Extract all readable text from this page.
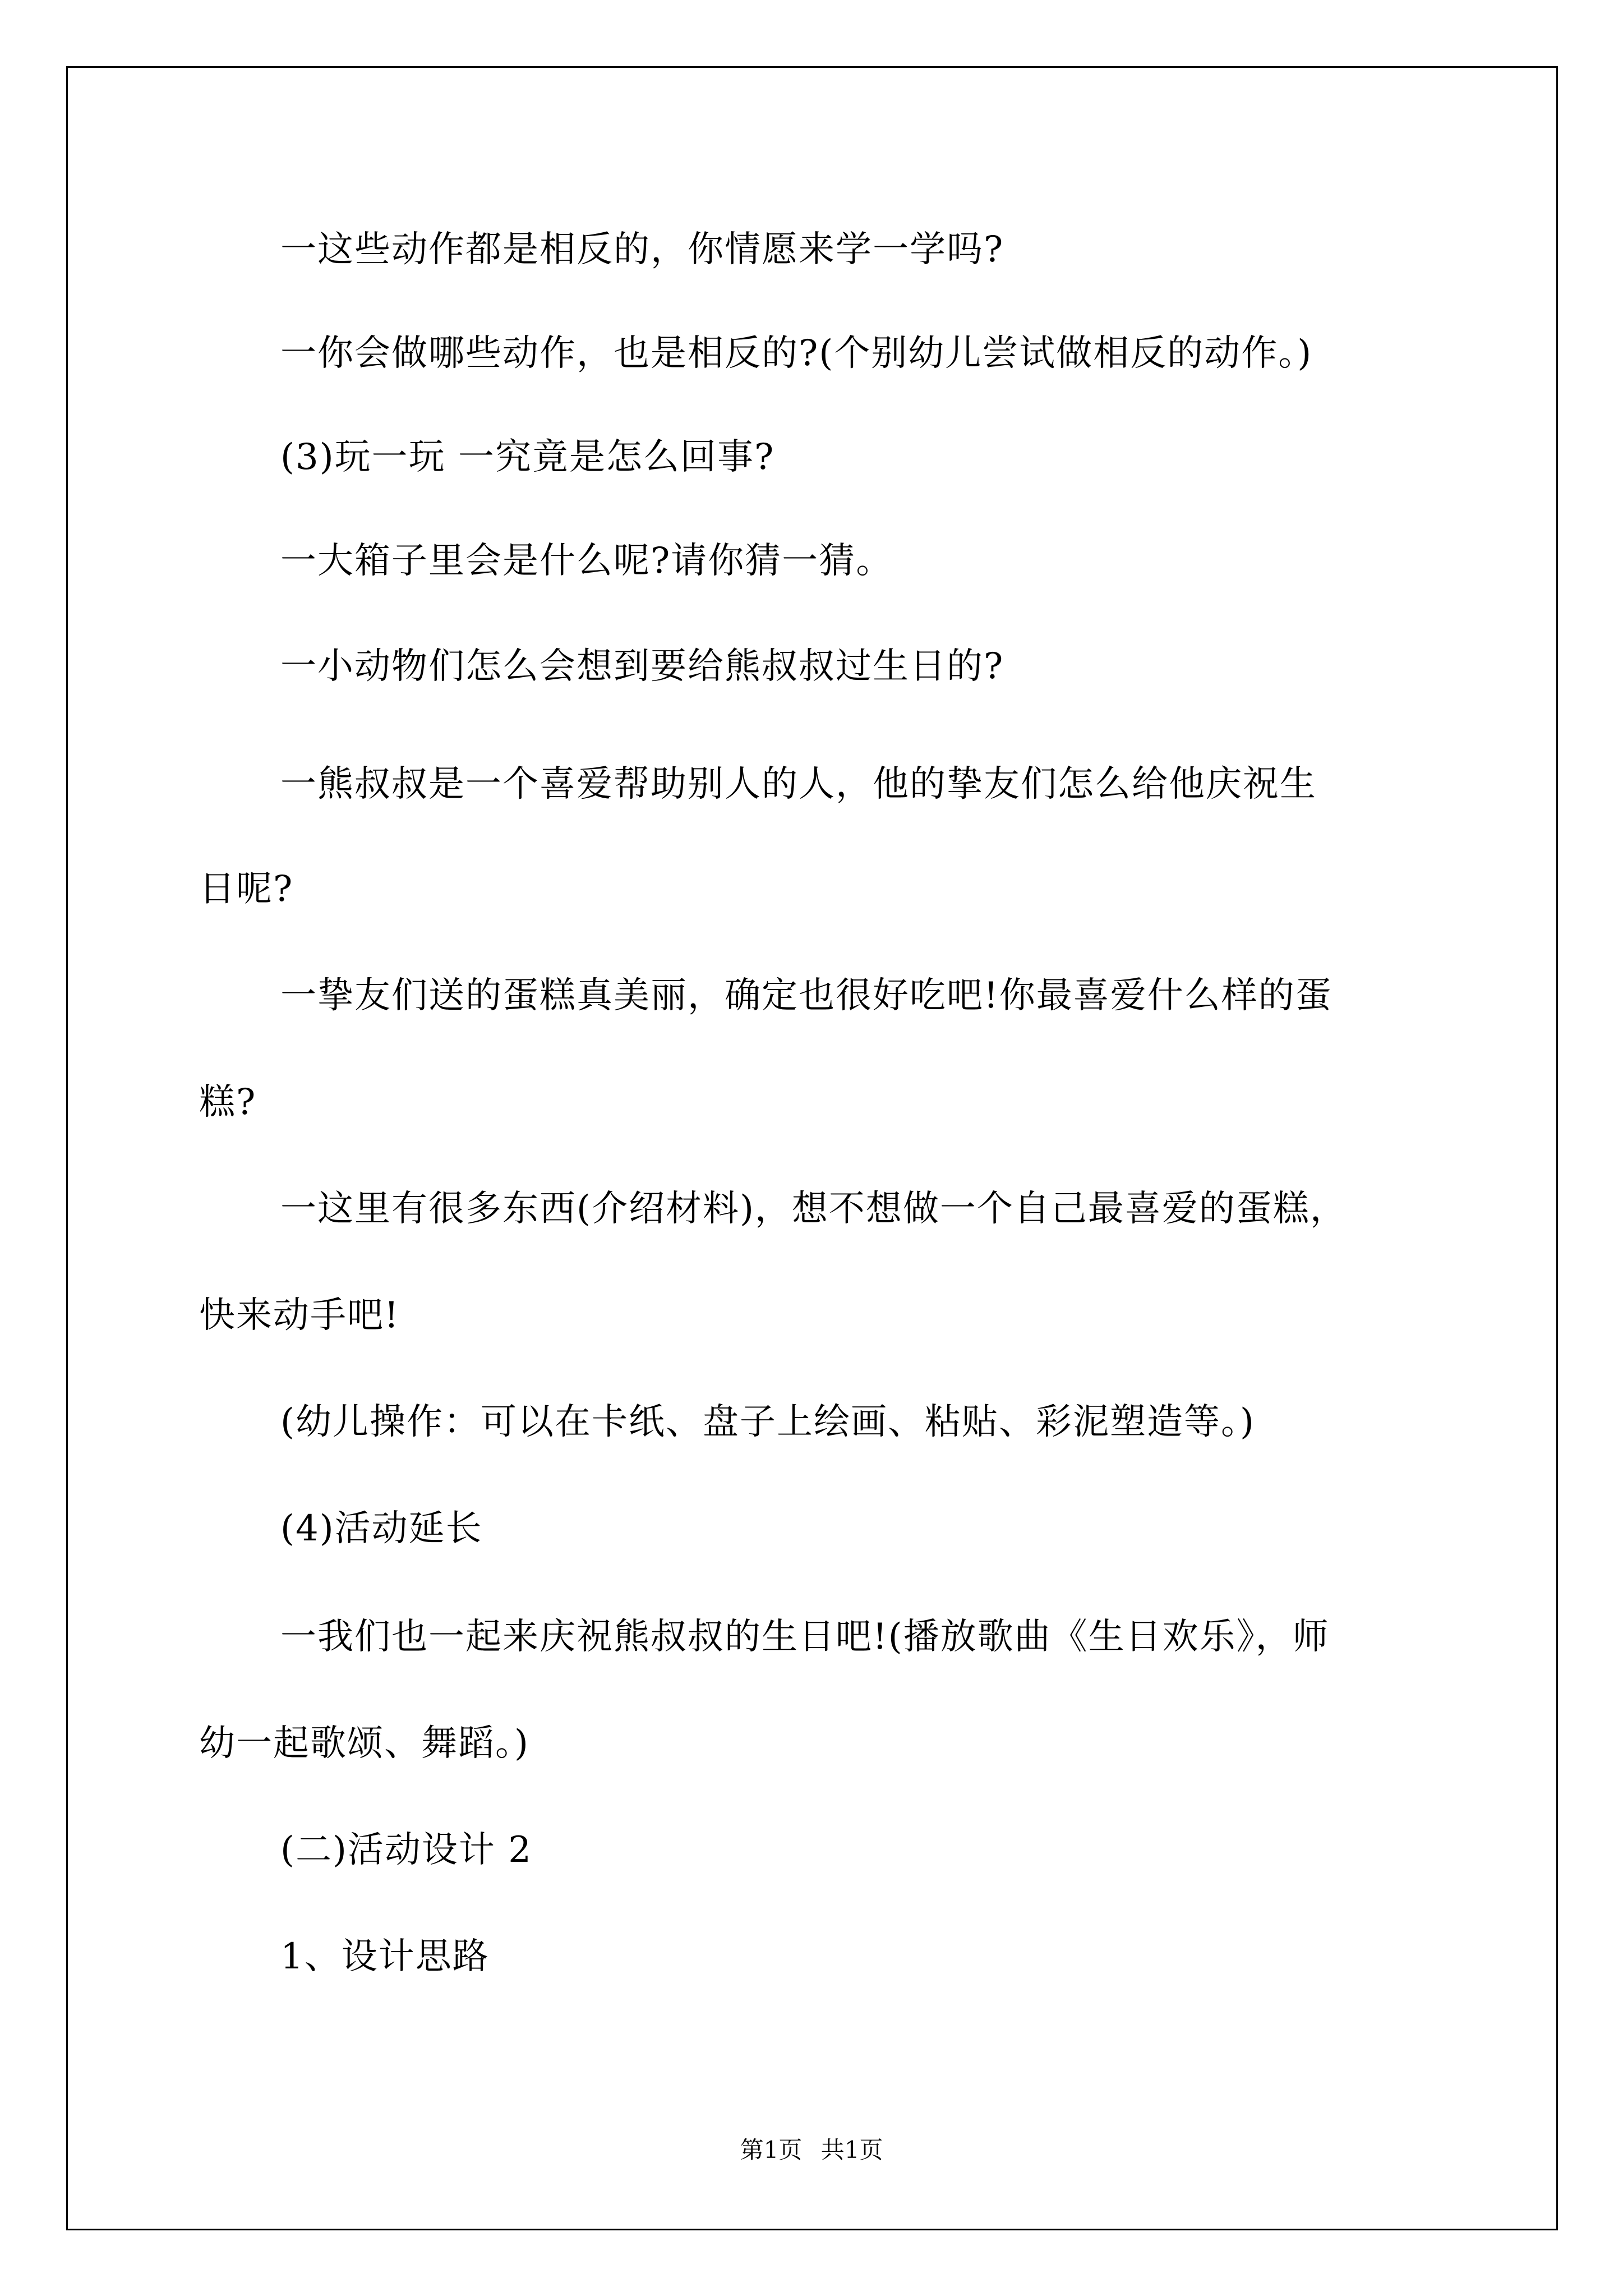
一这些动作都是相反的，你情愿来学一学吗?
一你会做哪些动作，也是相反的?(个别幼儿尝试做相反的动作。)
(3)玩一玩 一究竟是怎么回事?
一大箱子里会是什么呢?请你猜一猜。
一小动物们怎么会想到要给熊叔叔过生日的?
一熊叔叔是一个喜爱帮助别人的人，他的挚友们怎么给他庆祝生
日呢?
一挚友们送的蛋糕真美丽，确定也很好吃吧!你最喜爱什么样的蛋
糕?
一这里有很多东西(介绍材料)，想不想做一个自己最喜爱的蛋糕，
快来动手吧!
(幼儿操作：可以在卡纸、盘子上绘画、粘贴、彩泥塑造等。)
(4)活动延长
一我们也一起来庆祝熊叔叔的生日吧!(播放歌曲《生日欢乐》，师
幼一起歌颂、舞蹈。)
(二)活动设计 2
1、设计思路
第1页 共1页
